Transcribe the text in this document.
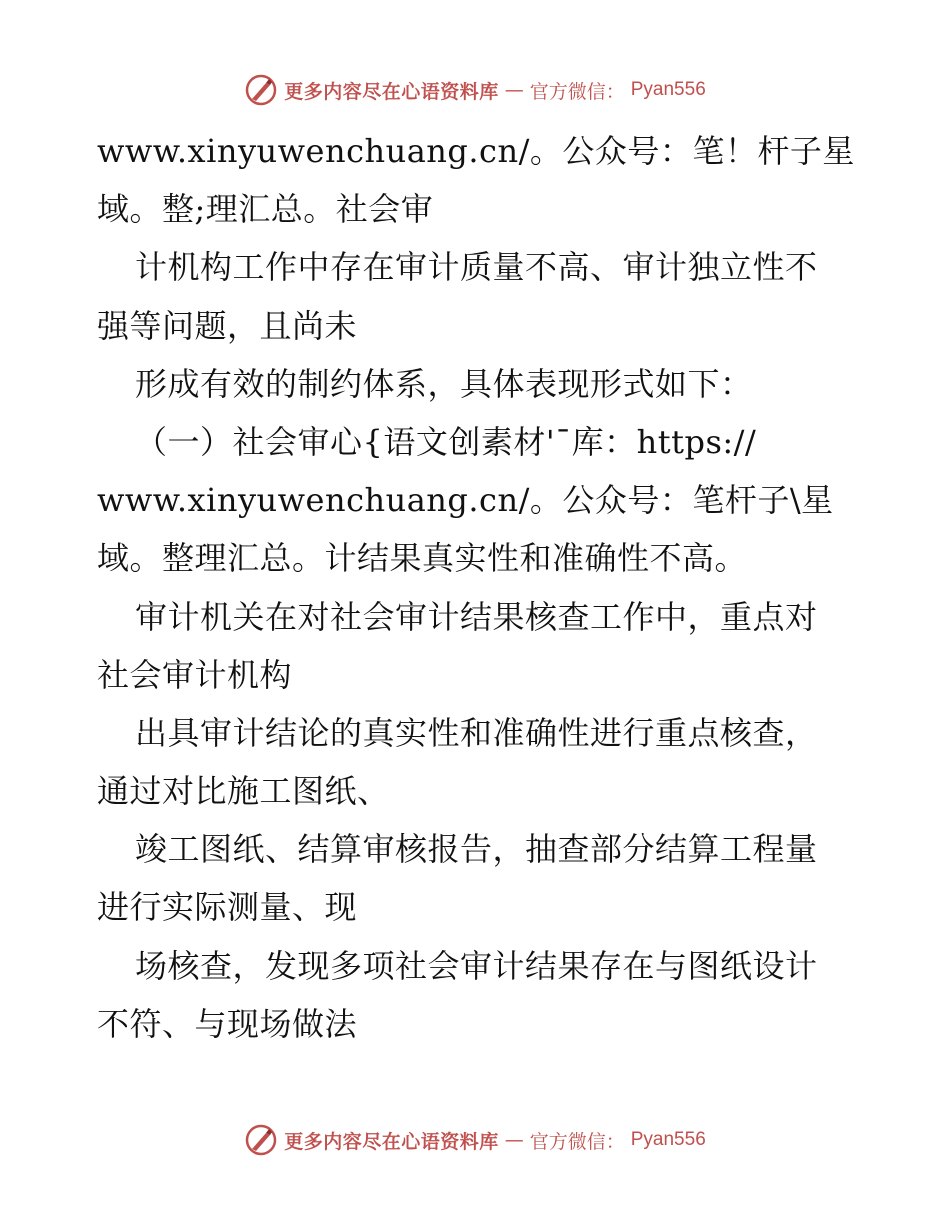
更多内容尽在心语资料库 — 官方微信： Pyan556
www.xinyuwenchuang.cn/。公众号：笔！杆子星
域。整;理汇总。社会审
计机构工作中存在审计质量不高、审计独立性不
强等问题，且尚未
形成有效的制约体系，具体表现形式如下：
（一）社会审心{语文创素材'¯库：https://
www.xinyuwenchuang.cn/。公众号：笔杆子\星
域。整理汇总。计结果真实性和准确性不高。
审计机关在对社会审计结果核查工作中，重点对
社会审计机构
出具审计结论的真实性和准确性进行重点核查，
通过对比施工图纸、
竣工图纸、结算审核报告，抽查部分结算工程量
进行实际测量、现
场核查，发现多项社会审计结果存在与图纸设计
不符、与现场做法
更多内容尽在心语资料库 — 官方微信： Pyan556
